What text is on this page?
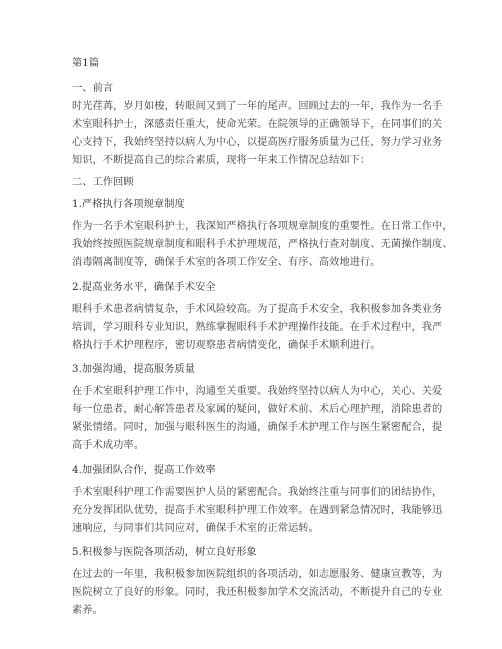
第1篇
一、前言
时光荏苒，岁月如梭，转眼间又到了一年的尾声。回顾过去的一年，我作为一名手
术室眼科护士，深感责任重大，使命光荣。在院领导的正确领导下，在同事们的关
心支持下，我始终坚持以病人为中心，以提高医疗服务质量为己任，努力学习业务
知识，不断提高自己的综合素质，现将一年来工作情况总结如下：
二、工作回顾
1.严格执行各项规章制度
作为一名手术室眼科护士，我深知严格执行各项规章制度的重要性。在日常工作中，
我始终按照医院规章制度和眼科手术护理规范，严格执行查对制度、无菌操作制度、
消毒隔离制度等，确保手术室的各项工作安全、有序、高效地进行。
2.提高业务水平，确保手术安全
眼科手术患者病情复杂，手术风险较高。为了提高手术安全，我积极参加各类业务
培训，学习眼科专业知识，熟练掌握眼科手术护理操作技能。在手术过程中，我严
格执行手术护理程序，密切观察患者病情变化，确保手术顺利进行。
3.加强沟通，提高服务质量
在手术室眼科护理工作中，沟通至关重要。我始终坚持以病人为中心，关心、关爱
每一位患者，耐心解答患者及家属的疑问，做好术前、术后心理护理，消除患者的
紧张情绪。同时，加强与眼科医生的沟通，确保手术护理工作与医生紧密配合，提
高手术成功率。
4.加强团队合作，提高工作效率
手术室眼科护理工作需要医护人员的紧密配合。我始终注重与同事们的团结协作，
充分发挥团队优势，提高手术室眼科护理工作效率。在遇到紧急情况时，我能够迅
速响应，与同事们共同应对，确保手术室的正常运转。
5.积极参与医院各项活动，树立良好形象
在过去的一年里，我积极参加医院组织的各项活动，如志愿服务、健康宣教等，为
医院树立了良好的形象。同时，我还积极参加学术交流活动，不断提升自己的专业
素养。
